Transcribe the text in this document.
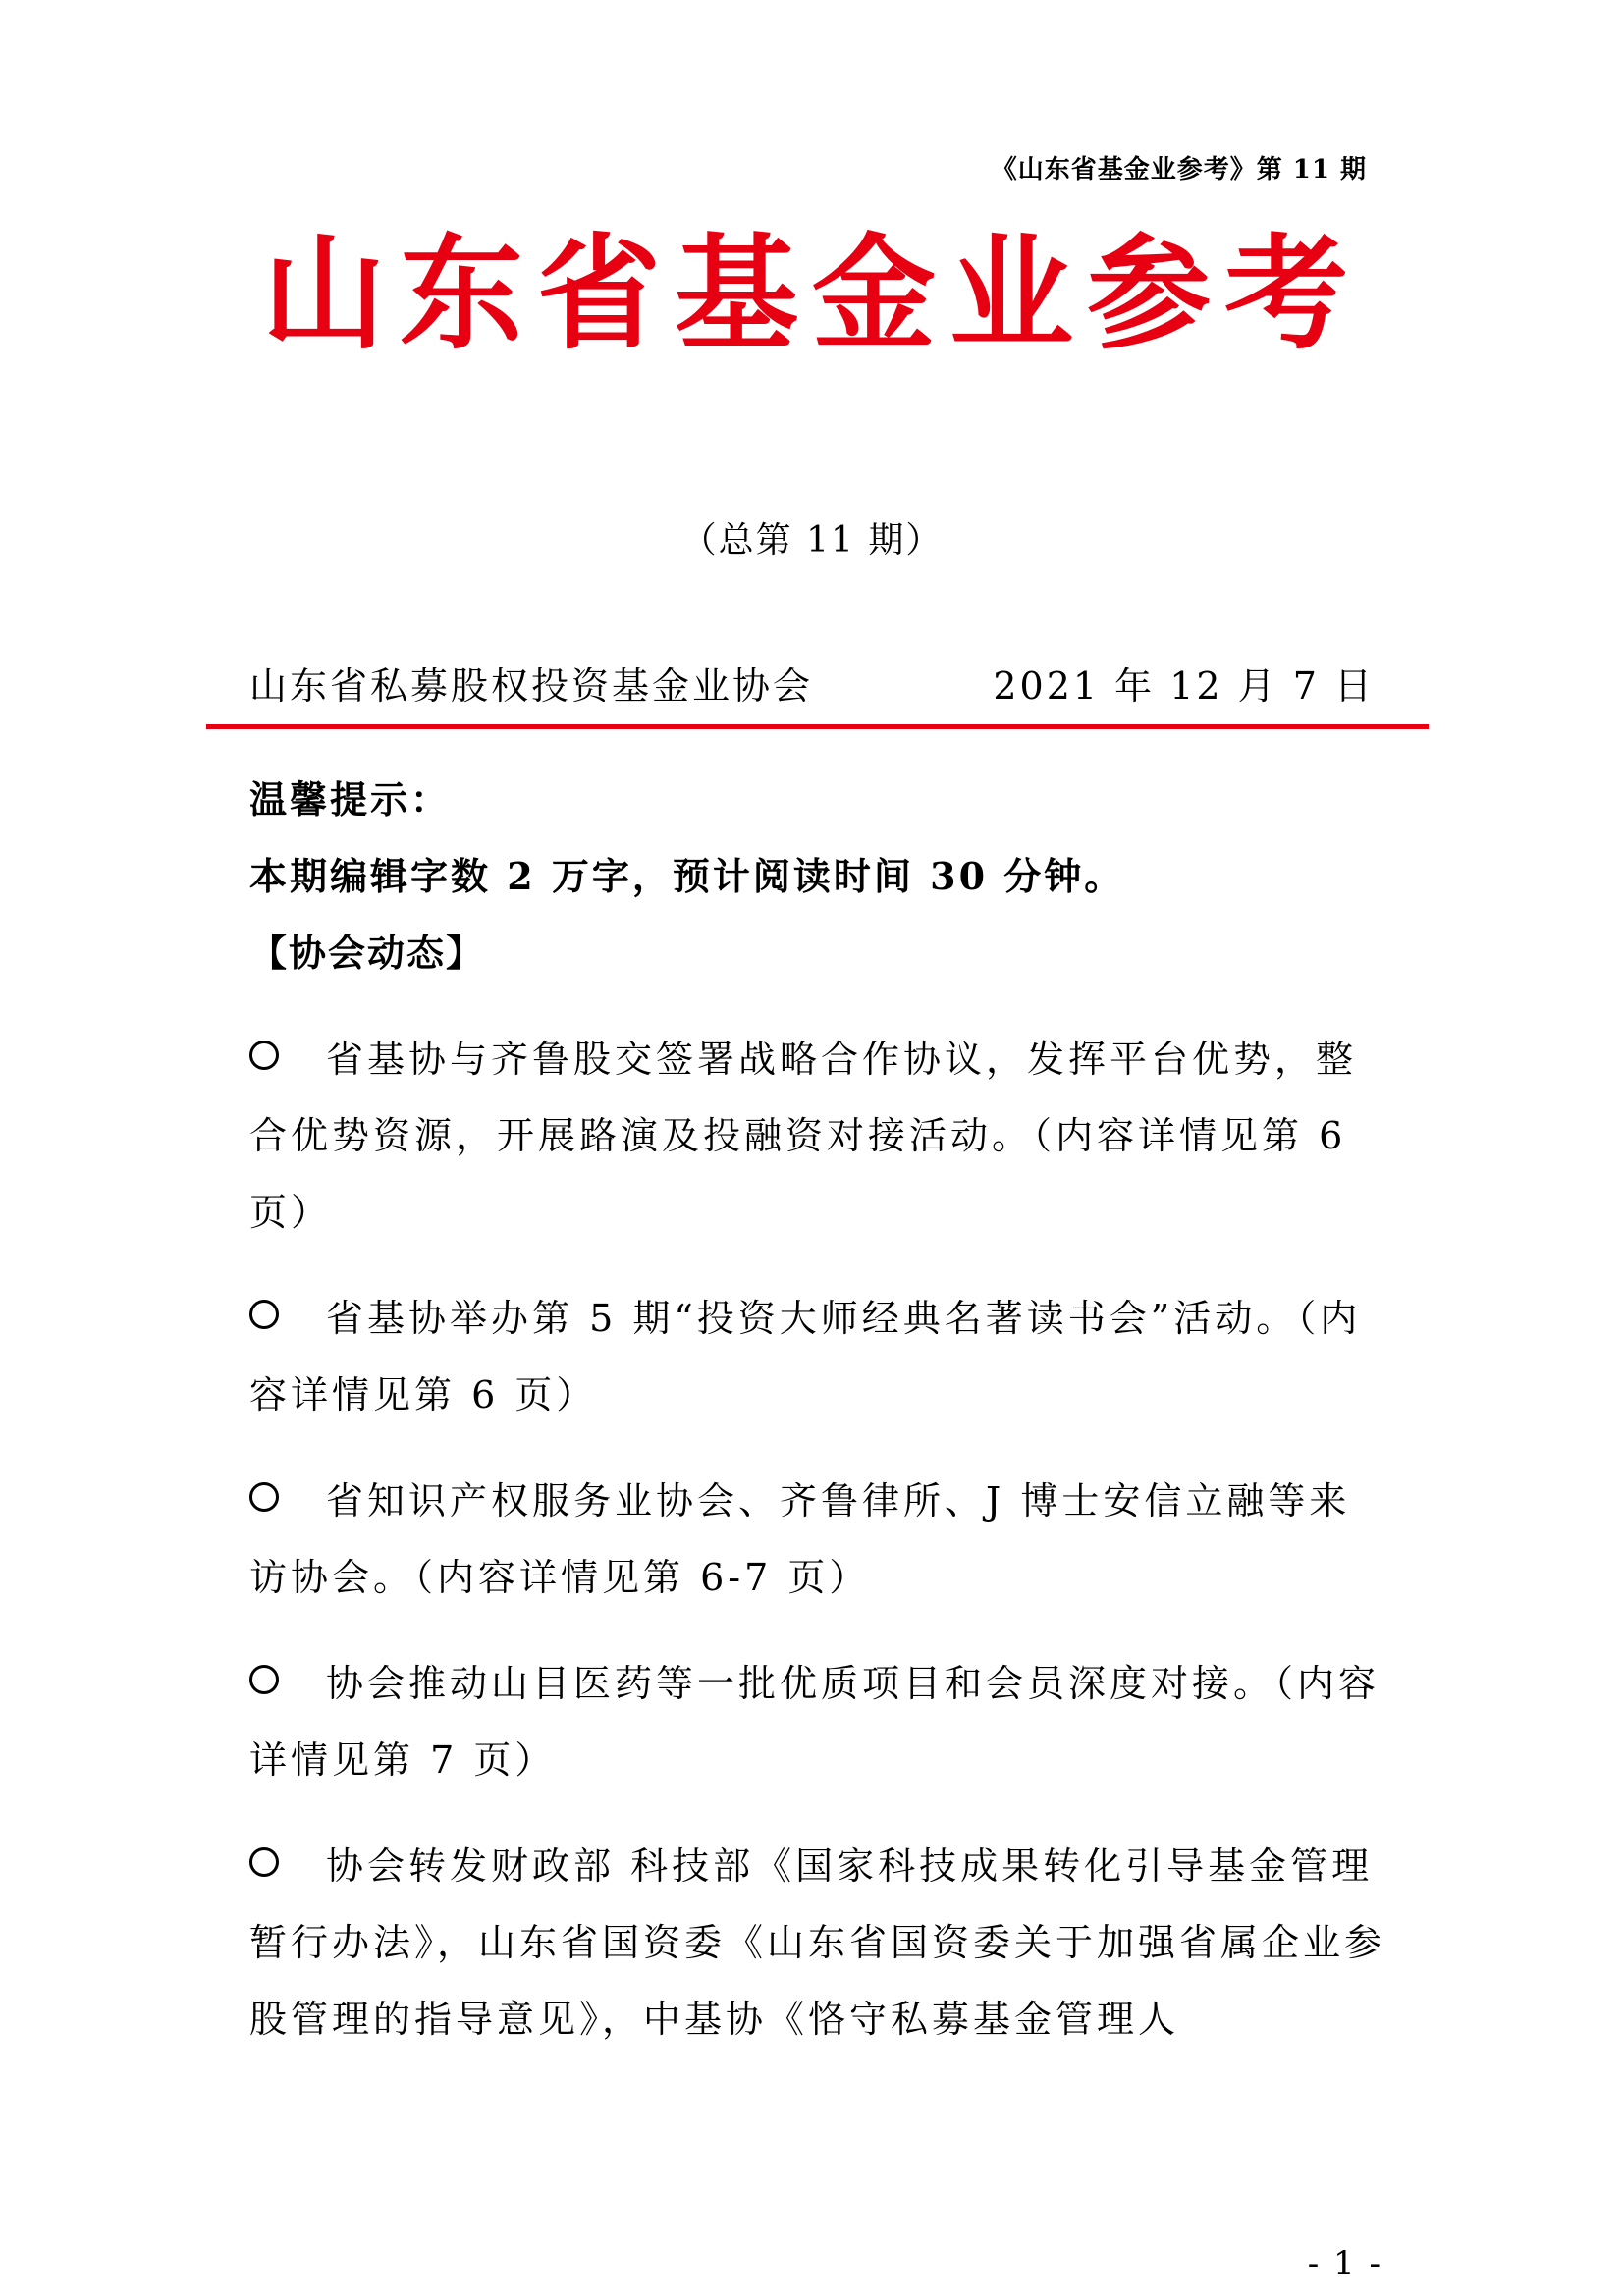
《山东省基金业参考》第 11 期
山东省基金业参考
（总第 11 期）
山东省私募股权投资基金业协会	2021 年 12 月 7 日
温馨提示：
本期编辑字数 2 万字，预计阅读时间 30 分钟。
【协会动态】
省基协与齐鲁股交签署战略合作协议，发挥平台优势，整合优势资源，开展路演及投融资对接活动。（内容详情见第 6 页）
省基协举办第 5 期“投资大师经典名著读书会”活动。（内容详情见第 6 页）
省知识产权服务业协会、齐鲁律所、J 博士安信立融等来访协会。（内容详情见第 6-7 页）
协会推动山目医药等一批优质项目和会员深度对接。（内容详情见第 7 页）
协会转发财政部 科技部《国家科技成果转化引导基金管理暂行办法》，山东省国资委《山东省国资委关于加强省属企业参股管理的指导意见》，中基协《恪守私募基金管理人
- 1 -
